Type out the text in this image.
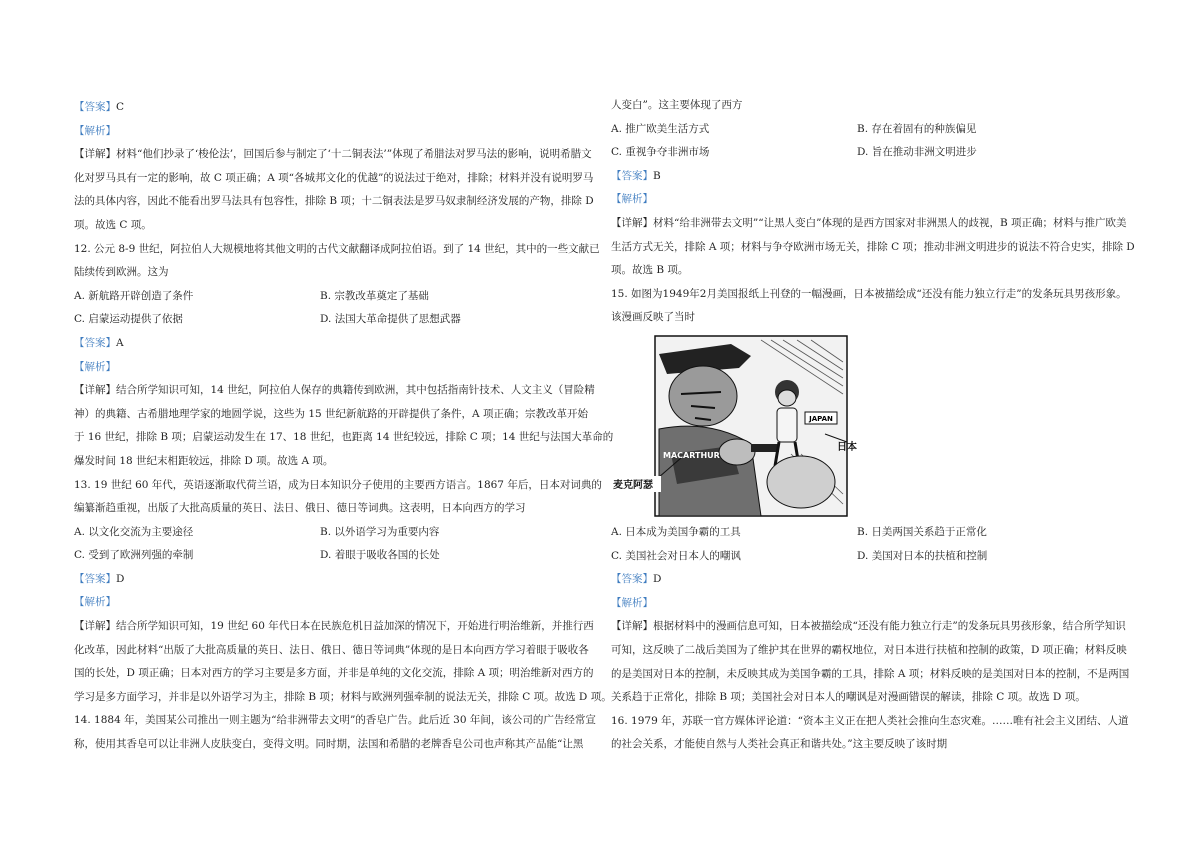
【答案】C
【解析】
【详解】材料“他们抄录了‘梭伦法’，回国后参与制定了‘十二铜表法’”体现了希腊法对罗马法的影响，说明希腊文
化对罗马具有一定的影响，故 C 项正确；A 项“各城邦文化的优越”的说法过于绝对，排除；材料并没有说明罗马
法的具体内容，因此不能看出罗马法具有包容性，排除 B 项；十二铜表法是罗马奴隶制经济发展的产物，排除 D
项。故选 C 项。
12. 公元 8-9 世纪，阿拉伯人大规模地将其他文明的古代文献翻译成阿拉伯语。到了 14 世纪，其中的一些文献已
陆续传到欧洲。这为
A. 新航路开辟创造了条件	B. 宗教改革奠定了基础
C. 启蒙运动提供了依据	D. 法国大革命提供了思想武器
【答案】A
【解析】
【详解】结合所学知识可知，14 世纪，阿拉伯人保存的典籍传到欧洲，其中包括指南针技术、人文主义（冒险精
神）的典籍、古希腊地理学家的地圆学说，这些为 15 世纪新航路的开辟提供了条件，A 项正确；宗教改革开始
于 16 世纪，排除 B 项；启蒙运动发生在 17、18 世纪，也距离 14 世纪较远，排除 C 项；14 世纪与法国大革命的
爆发时间 18 世纪末相距较远，排除 D 项。故选 A 项。
13. 19 世纪 60 年代，英语逐渐取代荷兰语，成为日本知识分子使用的主要西方语言。1867 年后，日本对词典的
编纂渐趋重视，出版了大批高质量的英日、法日、俄日、德日等词典。这表明，日本向西方的学习
A. 以文化交流为主要途径	B. 以外语学习为重要内容
C. 受到了欧洲列强的牵制	D. 着眼于吸收各国的长处
【答案】D
【解析】
【详解】结合所学知识可知，19 世纪 60 年代日本在民族危机日益加深的情况下，开始进行明治维新，并推行西
化改革，因此材料“出版了大批高质量的英日、法日、俄日、德日等词典”体现的是日本向西方学习着眼于吸收各
国的长处，D 项正确；日本对西方的学习主要是多方面，并非是单纯的文化交流，排除 A 项；明治维新对西方的
学习是多方面学习，并非是以外语学习为主，排除 B 项；材料与欧洲列强牵制的说法无关，排除 C 项。故选 D 项。
14. 1884 年，美国某公司推出一则主题为“给非洲带去文明”的香皂广告。此后近 30 年间，该公司的广告经常宣
称，使用其香皂可以让非洲人皮肤变白，变得文明。同时期，法国和希腊的老牌香皂公司也声称其产品能“让黑
人变白”。这主要体现了西方
A. 推广欧美生活方式	B. 存在着固有的种族偏见
C. 重视争夺非洲市场	D. 旨在推动非洲文明进步
【答案】B
【解析】
【详解】材料“给非洲带去文明”“让黑人变白”体现的是西方国家对非洲黑人的歧视，B 项正确；材料与推广欧美
生活方式无关，排除 A 项；材料与争夺欧洲市场无关，排除 C 项；推动非洲文明进步的说法不符合史实，排除 D
项。故选 B 项。
15. 如图为1949年2月美国报纸上刊登的一幅漫画，日本被描绘成“还没有能力独立行走”的发条玩具男孩形象。
该漫画反映了当时
JAPAN
MACARTHUR
日本
麦克阿瑟
A. 日本成为美国争霸的工具	B. 日美两国关系趋于正常化
C. 美国社会对日本人的嘲讽	D. 美国对日本的扶植和控制
【答案】D
【解析】
【详解】根据材料中的漫画信息可知，日本被描绘成“还没有能力独立行走”的发条玩具男孩形象，结合所学知识
可知，这反映了二战后美国为了维护其在世界的霸权地位，对日本进行扶植和控制的政策，D 项正确；材料反映
的是美国对日本的控制，未反映其成为美国争霸的工具，排除 A 项；材料反映的是美国对日本的控制，不是两国
关系趋于正常化，排除 B 项；美国社会对日本人的嘲讽是对漫画错误的解读，排除 C 项。故选 D 项。
16. 1979 年，苏联一官方媒体评论道：“资本主义正在把人类社会推向生态灾难。……唯有社会主义团结、人道
的社会关系，才能使自然与人类社会真正和谐共处。”这主要反映了该时期
